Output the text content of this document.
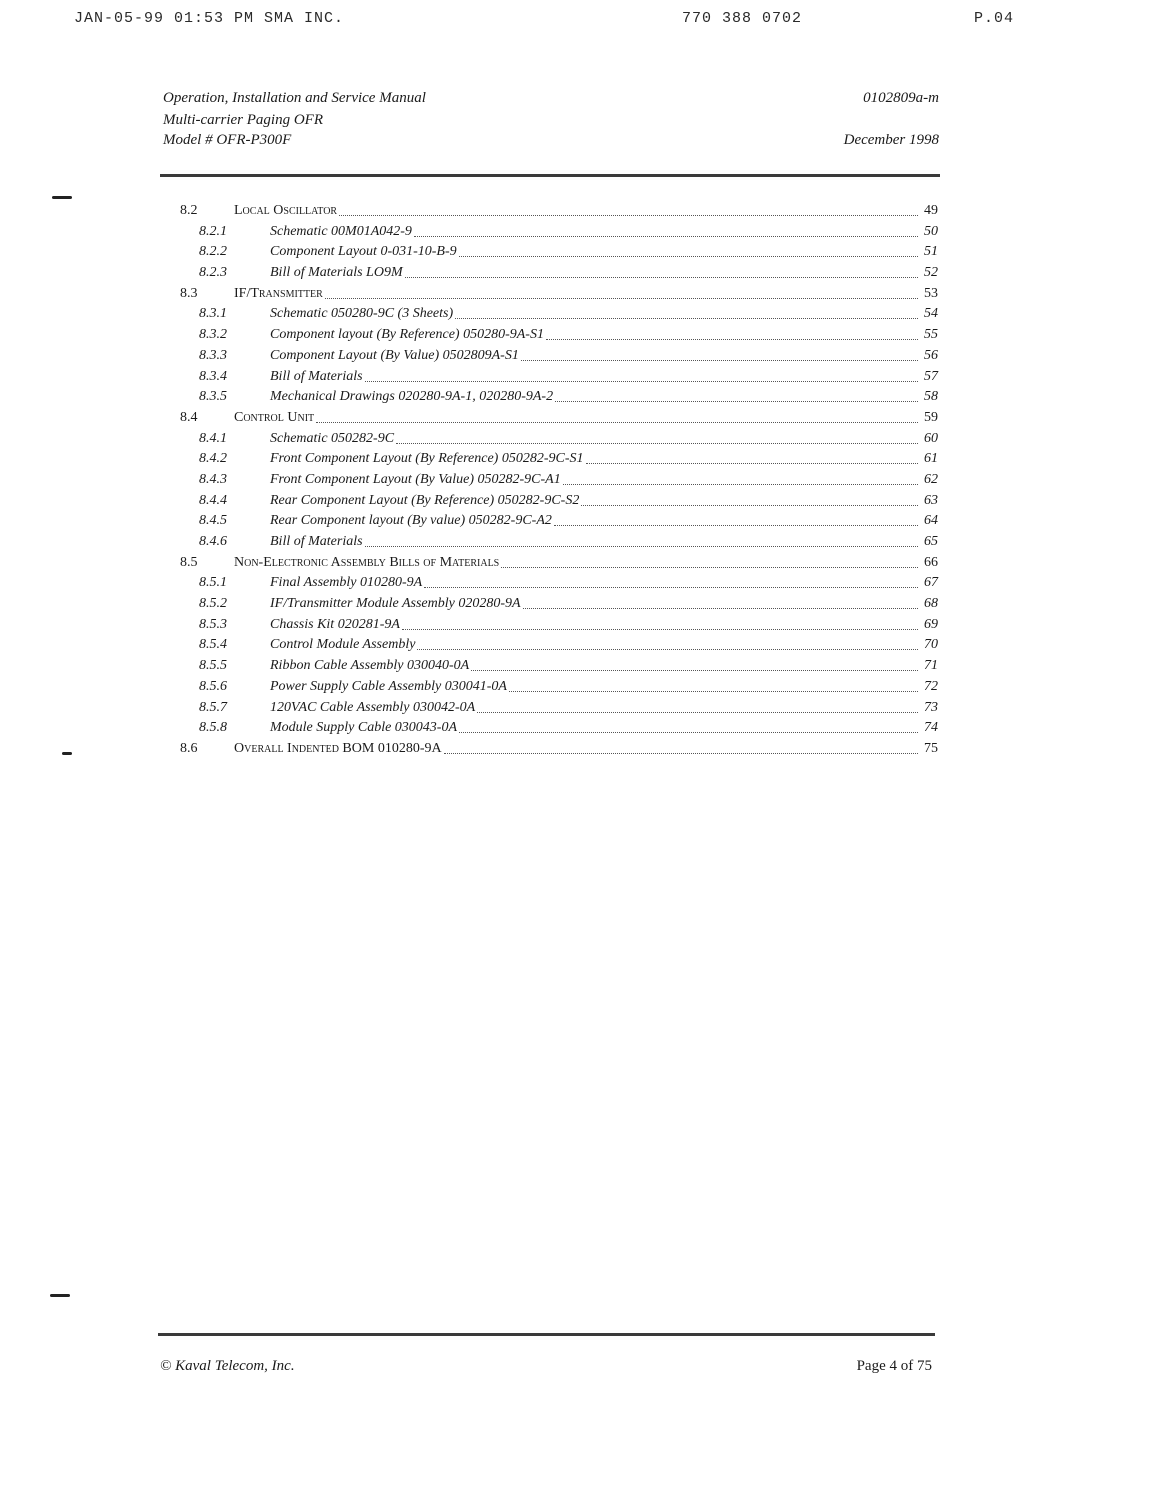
JAN-05-99 01:53 PM SMA INC.	770 388 0702	P.04
Operation, Installation and Service Manual
Multi-carrier Paging OFR
Model # OFR-P300F
0102809a-m
December 1998
8.2	Local Oscillator	49
8.2.1	Schematic 00M01A042-9	50
8.2.2	Component Layout 0-031-10-B-9	51
8.2.3	Bill of Materials LO9M	52
8.3	IF/Transmitter	53
8.3.1	Schematic 050280-9C (3 Sheets)	54
8.3.2	Component layout (By Reference) 050280-9A-S1	55
8.3.3	Component Layout (By Value) 0502809A-S1	56
8.3.4	Bill of Materials	57
8.3.5	Mechanical Drawings 020280-9A-1, 020280-9A-2	58
8.4	Control Unit	59
8.4.1	Schematic 050282-9C	60
8.4.2	Front Component Layout (By Reference) 050282-9C-S1	61
8.4.3	Front Component Layout (By Value) 050282-9C-A1	62
8.4.4	Rear Component Layout (By Reference) 050282-9C-S2	63
8.4.5	Rear Component layout (By value) 050282-9C-A2	64
8.4.6	Bill of Materials	65
8.5	Non-Electronic Assembly Bills of Materials	66
8.5.1	Final Assembly 010280-9A	67
8.5.2	IF/Transmitter Module Assembly 020280-9A	68
8.5.3	Chassis Kit 020281-9A	69
8.5.4	Control Module Assembly	70
8.5.5	Ribbon Cable Assembly 030040-0A	71
8.5.6	Power Supply Cable Assembly 030041-0A	72
8.5.7	120VAC Cable Assembly 030042-0A	73
8.5.8	Module Supply Cable 030043-0A	74
8.6	Overall Indented BOM 010280-9A	75
© Kaval Telecom, Inc.	Page 4 of 75
